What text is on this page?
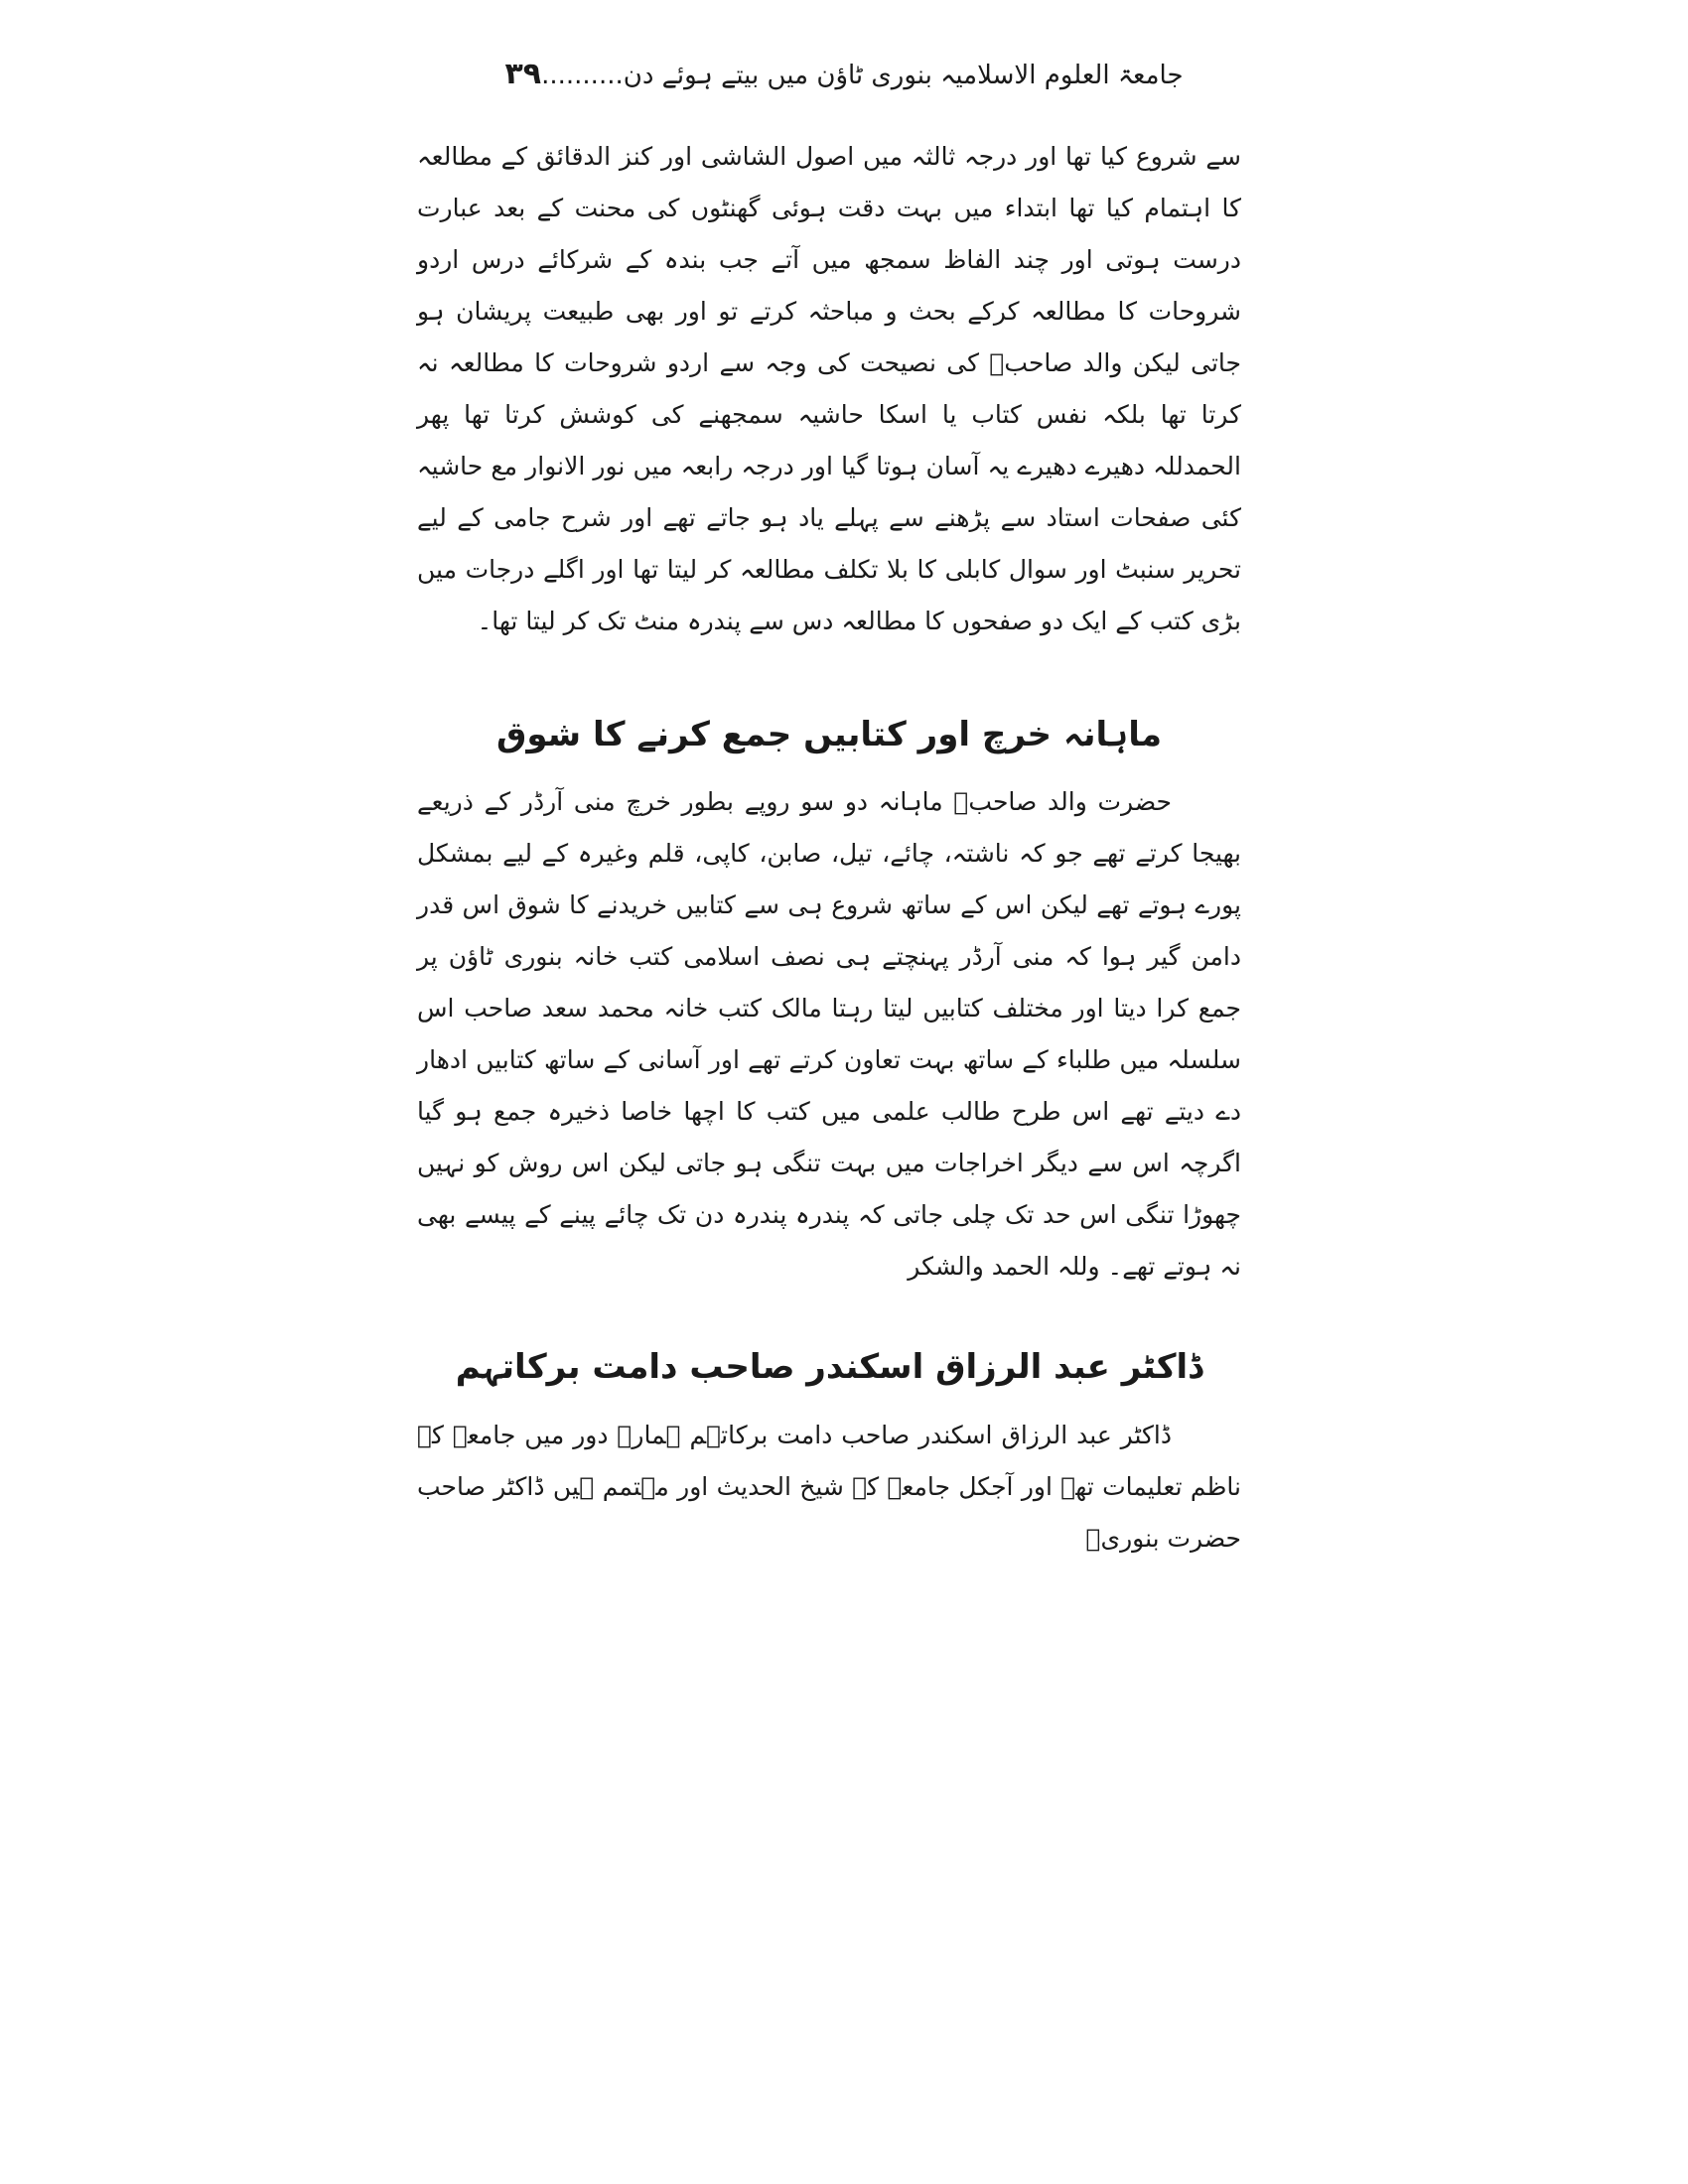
جامعۃ العلوم الاسلامیہ بنوری ٹاؤن میں بیتے ہوئے دن..........۳۹

سے شروع کیا تھا اور درجہ ثالثہ میں اصول الشاشی اور کنز الدقائق کے مطالعہ کا اہتمام کیا تھا ابتداء میں بہت دقت ہوئی گھنٹوں کی محنت کے بعد عبارت درست ہوتی اور چند الفاظ سمجھ میں آتے جب بندہ کے شرکائے درس اردو شروحات کا مطالعہ کرکے بحث و مباحثہ کرتے تو اور بھی طبیعت پریشان ہو جاتی لیکن والد صاحبؒ کی نصیحت کی وجہ سے اردو شروحات کا مطالعہ نہ کرتا تھا بلکہ نفس کتاب یا اسکا حاشیہ سمجھنے کی کوشش کرتا تھا پھر الحمدللہ دھیرے دھیرے یہ آسان ہوتا گیا اور درجہ رابعہ میں نور الانوار مع حاشیہ کئی صفحات استاد سے پڑھنے سے پہلے یاد ہو جاتے تھے اور شرح جامی کے لیے تحریر سنبٹ اور سوال کابلی کا بلا تکلف مطالعہ کر لیتا تھا اور اگلے درجات میں بڑی کتب کے ایک دو صفحوں کا مطالعہ دس سے پندرہ منٹ تک کر لیتا تھا۔

ماہانہ خرچ اور کتابیں جمع کرنے کا شوق

حضرت والد صاحبؒ ماہانہ دو سو روپے بطور خرچ منی آرڈر کے ذریعے بھیجا کرتے تھے جو کہ ناشتہ، چائے، تیل، صابن، کاپی، قلم وغیرہ کے لیے بمشکل پورے ہوتے تھے لیکن اس کے ساتھ شروع ہی سے کتابیں خریدنے کا شوق اس قدر دامن گیر ہوا کہ منی آرڈر پہنچتے ہی نصف اسلامی کتب خانہ بنوری ٹاؤن پر جمع کرا دیتا اور مختلف کتابیں لیتا رہتا مالک کتب خانہ محمد سعد صاحب اس سلسلہ میں طلباء کے ساتھ بہت تعاون کرتے تھے اور آسانی کے ساتھ کتابیں ادھار دے دیتے تھے اس طرح طالب علمی میں کتب کا اچھا خاصا ذخیرہ جمع ہو گیا اگرچہ اس سے دیگر اخراجات میں بہت تنگی ہو جاتی لیکن اس روش کو نہیں چھوڑا تنگی اس حد تک چلی جاتی کہ پندرہ پندرہ دن تک چائے پینے کے پیسے بھی نہ ہوتے تھے۔ وللہ الحمد والشکر

ڈاکٹر عبد الرزاق اسکندر صاحب دامت برکاتہم

ڈاکٹر عبد الرزاق اسکندر صاحب دامت برکاتہم ہمارے دور میں جامعہ کے ناظم تعلیمات تھے اور آجکل جامعہ کے شیخ الحدیث اور مہتمم ہیں ڈاکٹر صاحب حضرت بنوریؒ
